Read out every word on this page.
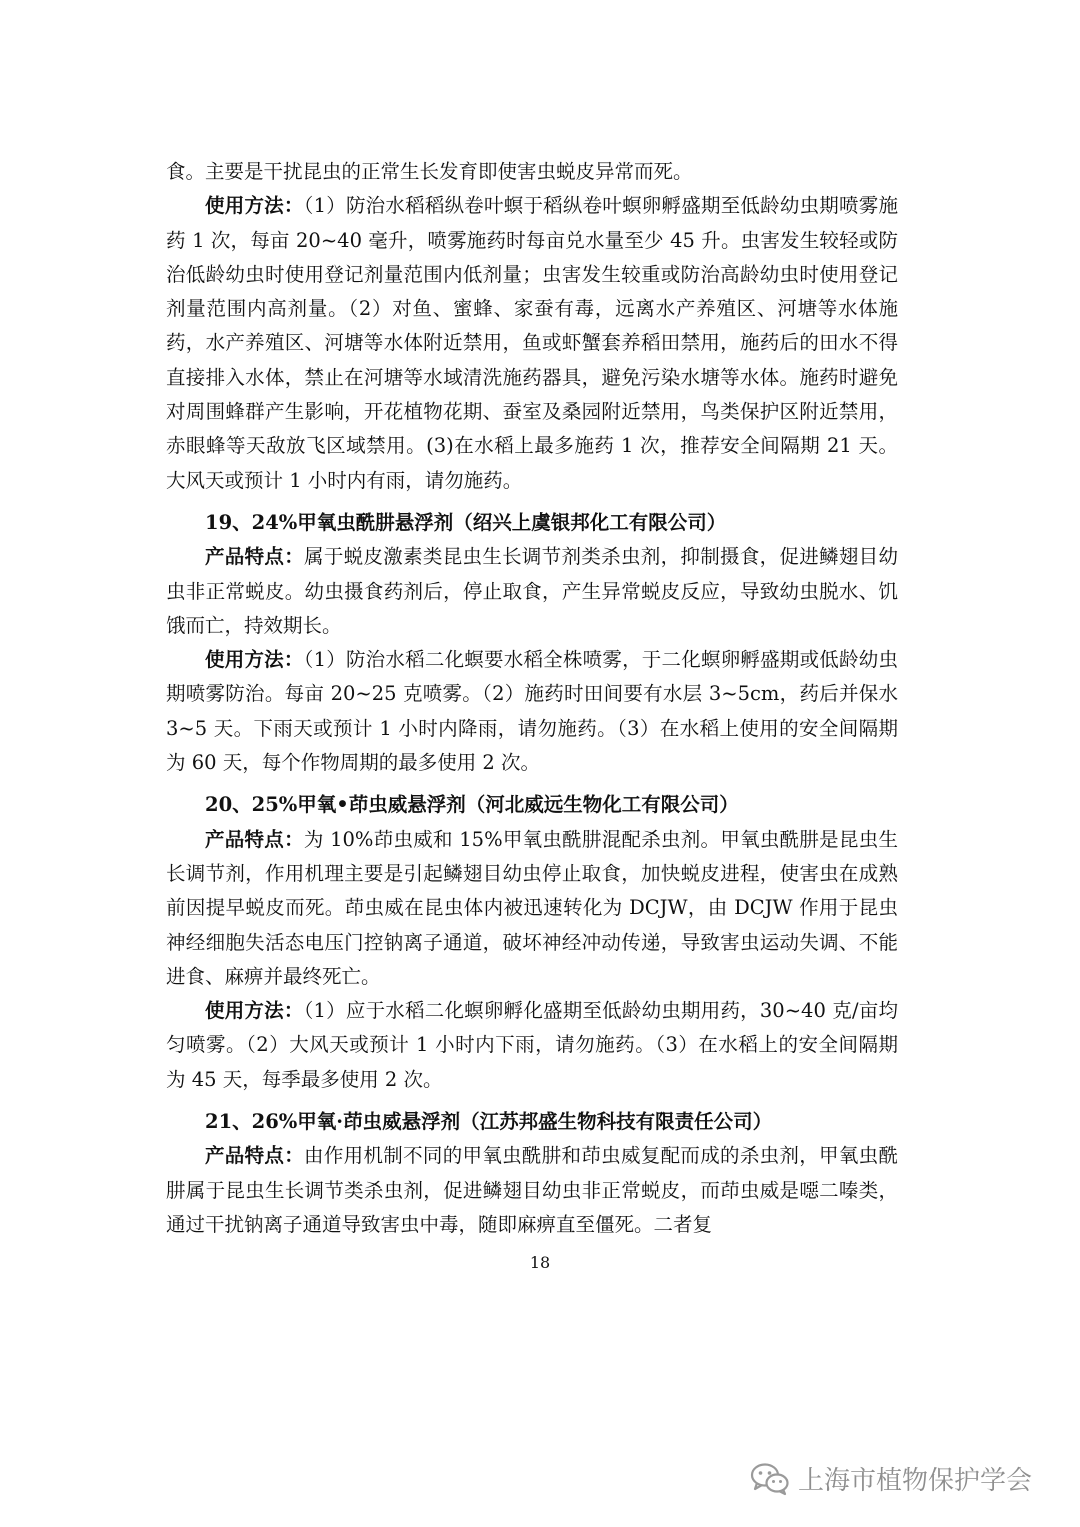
食。主要是干扰昆虫的正常生长发育即使害虫蜕皮异常而死。

使用方法：（1）防治水稻稻纵卷叶螟于稻纵卷叶螟卵孵盛期至低龄幼虫期喷雾施药 1 次，每亩 20~40 毫升，喷雾施药时每亩兑水量至少 45 升。虫害发生较轻或防治低龄幼虫时使用登记剂量范围内低剂量；虫害发生较重或防治高龄幼虫时使用登记剂量范围内高剂量。（2）对鱼、蜜蜂、家蚕有毒，远离水产养殖区、河塘等水体施药，水产养殖区、河塘等水体附近禁用，鱼或虾蟹套养稻田禁用，施药后的田水不得直接排入水体，禁止在河塘等水域清洗施药器具，避免污染水塘等水体。施药时避免对周围蜂群产生影响，开花植物花期、蚕室及桑园附近禁用，鸟类保护区附近禁用，赤眼蜂等天敌放飞区域禁用。(3)在水稻上最多施药 1 次，推荐安全间隔期 21 天。大风天或预计 1 小时内有雨，请勿施药。

19、24%甲氧虫酰肼悬浮剂（绍兴上虞银邦化工有限公司）

产品特点：属于蜕皮激素类昆虫生长调节剂类杀虫剂，抑制摄食，促进鳞翅目幼虫非正常蜕皮。幼虫摄食药剂后，停止取食，产生异常蜕皮反应，导致幼虫脱水、饥饿而亡，持效期长。

使用方法：（1）防治水稻二化螟要水稻全株喷雾，于二化螟卵孵盛期或低龄幼虫期喷雾防治。每亩 20~25 克喷雾。（2）施药时田间要有水层 3~5cm，药后并保水 3~5 天。下雨天或预计 1 小时内降雨，请勿施药。（3）在水稻上使用的安全间隔期为 60 天，每个作物周期的最多使用 2 次。

20、25%甲氧•茚虫威悬浮剂（河北威远生物化工有限公司）

产品特点：为 10%茚虫威和 15%甲氧虫酰肼混配杀虫剂。甲氧虫酰肼是昆虫生长调节剂，作用机理主要是引起鳞翅目幼虫停止取食，加快蜕皮进程，使害虫在成熟前因提早蜕皮而死。茚虫威在昆虫体内被迅速转化为 DCJW，由 DCJW 作用于昆虫神经细胞失活态电压门控钠离子通道，破坏神经冲动传递，导致害虫运动失调、不能进食、麻痹并最终死亡。

使用方法：（1）应于水稻二化螟卵孵化盛期至低龄幼虫期用药，30~40 克/亩均匀喷雾。（2）大风天或预计 1 小时内下雨，请勿施药。（3）在水稻上的安全间隔期为 45 天，每季最多使用 2 次。

21、26%甲氧·茚虫威悬浮剂（江苏邦盛生物科技有限责任公司）

产品特点：由作用机制不同的甲氧虫酰肼和茚虫威复配而成的杀虫剂，甲氧虫酰肼属于昆虫生长调节类杀虫剂，促进鳞翅目幼虫非正常蜕皮，而茚虫威是噁二嗪类，通过干扰钠离子通道导致害虫中毒，随即麻痹直至僵死。二者复

18
上海市植物保护学会
